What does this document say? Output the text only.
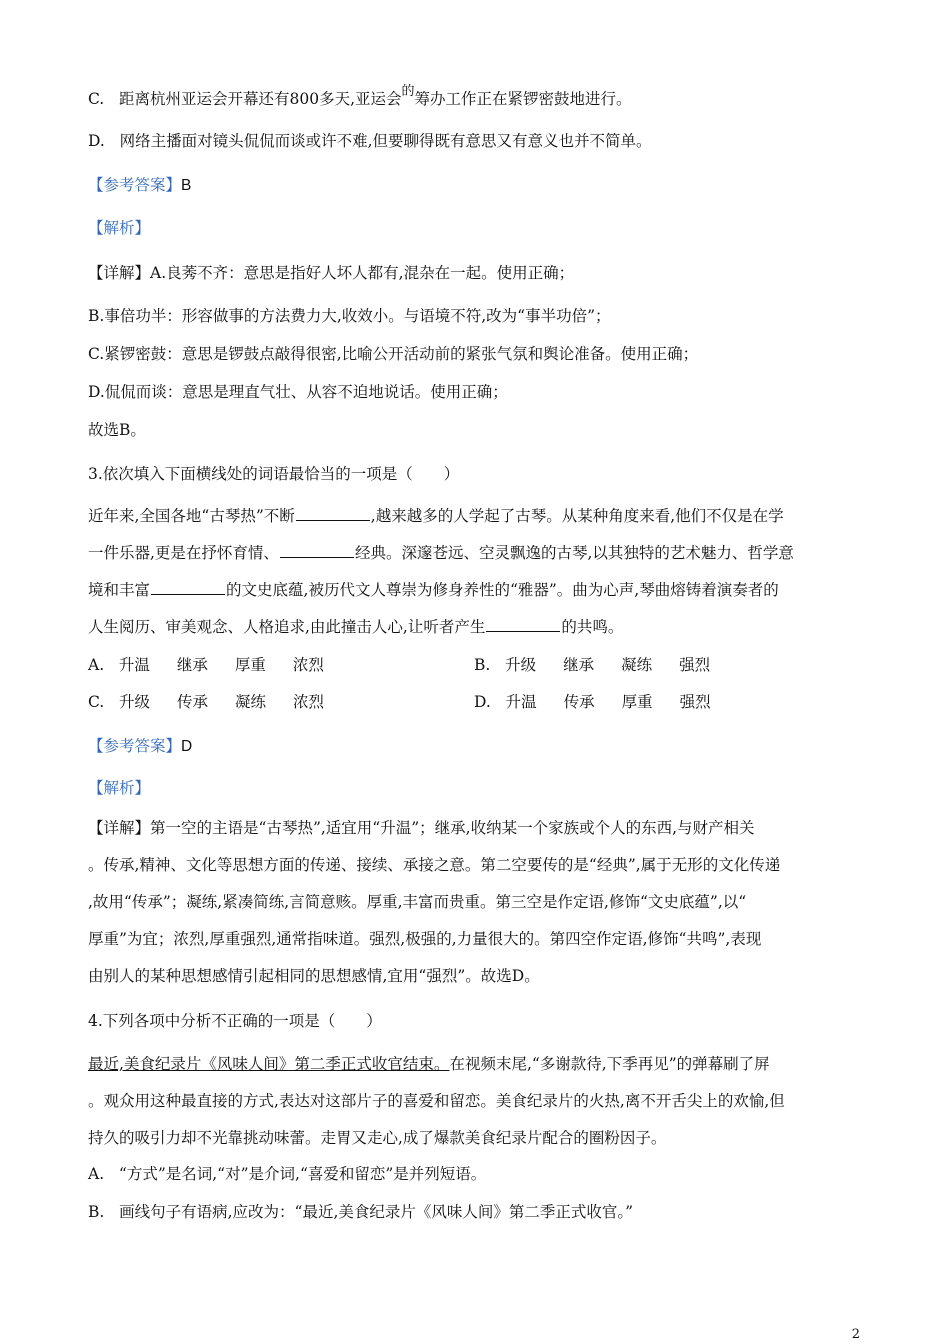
C. 距离杭州亚运会开幕还有800多天,亚运会$^的$筹办工作正在紧锣密鼓地进行。
D. 网络主播面对镜头侃侃而谈或许不难,但要聊得既有意思又有意义也并不简单。
【参考答案】B
【解析】
【详解】A.良莠不齐：意思是指好人坏人都有,混杂在一起。使用正确；
B.事倍功半：形容做事的方法费力大,收效小。与语境不符,改为“事半功倍”；
C.紧锣密鼓：意思是锣鼓点敲得很密,比喻公开活动前的紧张气氛和舆论准备。使用正确；
D.侃侃而谈：意思是理直气壮、从容不迫地说话。使用正确；
故选B。
3.依次填入下面横线处的词语最恰当的一项是（　　）
近年来,全国各地“古琴热”不断	,越来越多的人学起了古琴。从某种角度来看,他们不仅是在学
一件乐器,更是在抒怀育情、	经典。深邃苍远、空灵飘逸的古琴,以其独特的艺术魅力、哲学意
境和丰富	的文史底蕴,被历代文人尊崇为修身养性的“雅器”。曲为心声,琴曲熔铸着演奏者的
人生阅历、审美观念、人格追求,由此撞击人心,让听者产生	的共鸣。
A. 升温 继承 厚重 浓烈	B. 升级 继承 凝练 强烈
C. 升级 传承 凝练 浓烈	D. 升温 传承 厚重 强烈
【参考答案】D
【解析】
【详解】第一空的主语是“古琴热”,适宜用“升温”；继承,收纳某一个家族或个人的东西,与财产相关
。传承,精神、文化等思想方面的传递、接续、承接之意。第二空要传的是“经典”,属于无形的文化传递
,故用“传承”；凝练,紧凑简练,言简意赅。厚重,丰富而贵重。第三空是作定语,修饰“文史底蕴”,以“
厚重”为宜；浓烈,厚重强烈,通常指味道。强烈,极强的,力量很大的。第四空作定语,修饰“共鸣”,表现
由别人的某种思想感情引起相同的思想感情,宜用“强烈”。故选D。
4.下列各项中分析不正确的一项是（　　）
最近,美食纪录片《风味人间》第二季正式收官结束。在视频末尾,“多谢款待,下季再见”的弹幕刷了屏
。观众用这种最直接的方式,表达对这部片子的喜爱和留恋。美食纪录片的火热,离不开舌尖上的欢愉,但
持久的吸引力却不光靠挑动味蕾。走胃又走心,成了爆款美食纪录片配合的圈粉因子。
A. “方式”是名词,“对”是介词,“喜爱和留恋”是并列短语。
B. 画线句子有语病,应改为：“最近,美食纪录片《风味人间》第二季正式收官。”
2
